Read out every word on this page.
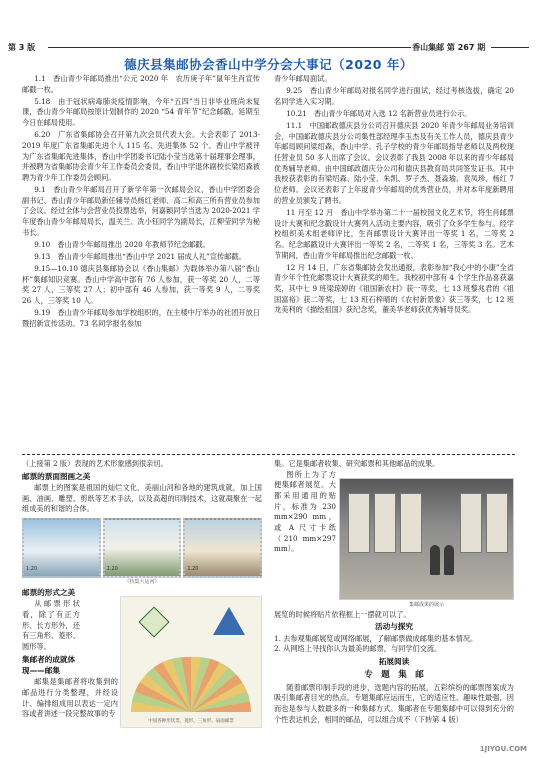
第 3 版	香山集邮 第 267 期
德庆县集邮协会香山中学分会大事记（2020 年）

1.1　香山青少年邮局推出“公元 2020 年　农历庚子年”鼠年生肖宣传邮戳一枚。

5.18　由于冠状病毒肺炎疫情影响，今年“五四”当日非毕业班尚未复课，香山青少年邮局按原计划制作的 2020 “54 青年节”纪念邮戳，延期至今日在邮局使用。

6.20　广东省集邮协会召开第九次会员代表大会。大会表彰了 2013-2019 年度广东省集邮先进个人 115 名、先进集体 52 个。香山中学被评为广东省集邮先进集体，香山中学团委书记陆小莹当选第十届理事会理事，并被聘为省集邮协会青少年工作委员会委员，香山中学退休副校长梁绍森被聘为青少年工作委员会顾问。

9.1　香山青少年邮局召开了新学年第一次邮局会议，香山中学团委会副书记、香山青少年邮局新任辅导员杨红老师、高二和高三所有营业员参加了会议。经过全体与会营业员投票选举，何嘉颖同学当选为 2020-2021 学年度香山青少年邮局局长，温关兰、冼小钰同学为副局长，江柳莹同学为秘书长。

9.10　香山青少年邮局推出 2020 年教师节纪念邮戳。

9.13　香山青少年邮局推出“香山中学 2021 届成人礼”宣传邮戳。

9.15—10.10 德庆县集邮协会以《香山集邮》为载体举办第八届“香山杯”集邮知识竞赛。香山中学高中部有 76 人参加，获一等奖 20 人，二等奖 27 人，三等奖 27 人；初中部有 46 人参加，获一等奖 9 人，二等奖 26 人，三等奖 10 人。

9.19　香山青少年邮局参加学校组织的，在主楼中厅举办的社团开放日暨招新宣传活动。73 名同学报名参加

青少年邮局面试。

9.25　香山青少年邮局对报名同学进行面试，经过考核选拔，确定 20 名同学进入实习期。

10.21　香山青少年邮局对入选 12 名新营业员进行公示。

11.1　中国邮政德庆县分公司召开德庆县 2020 年青少年邮局业务培训会，中国邮政德庆县分公司集性部经理李玉杰及有关工作人员，德庆县青少年邮局顾问梁绍森，香山中学、孔子学校的青少年邮局指导老师以及两校现任营业员 50 多人出席了会议。会议表彰了我县 2008 年以来的青少年邮局优秀辅导老师。由中国邮政德庆分公司和德庆县教育局共同签发证书。其中我校获表彰的有梁绍森、陆小莹、朱凯、罗子杰、聂淼瑜、袁凤珍、杨红 7 位老师。会议还表彰了上年度青少年邮局的优秀营业员，并对本年度新聘用的营业员颁发了聘书。

11 月至 12 月　香山中学举办第二十一届校园文化艺术节，将生肖邮票设计大赛和纪念戳设计大赛列入活动主要内容，吸引了众多学生参与。经学校组织美术组老师评比，生肖邮票设计大赛评出一等奖 1 名，二等奖 2 名。纪念邮戳设计大赛评出一等奖 2 名，二等奖 1 名，三等奖 3 名。艺术节期间，香山青少年邮局推出纪念邮戳一枚。

12 月 14 日，广东省集邮协会发出通报，表彰参加“我心中的小康”全省青少年个性化邮票设计大赛获奖的师生。我校初中部有 4 个学生作品喜获嘉奖，其中七 9 班梁琼婷的《祖国新农村》获一等奖，七 13 班黎兆君的《祖国富裕》获二等奖，七 13 班石梓晴的《农村新景象》获三等奖，七 12 班龙美利的《描绘祖国》获纪念奖，董美华老师获优秀辅导员奖。

（上接第 2 版）表现的艺术形象感到很亲切。
邮票的票面图画之美
邮票上的图案是祖国的灿烂文化、美丽山河和各地的建筑成就，加上国画、油画、雕塑、剪纸等艺术手法，以及高超的印制技术，这就凝聚在一起组成美的和谐的合体。
1.20	1.20	1.20
《杭集大运河》
邮票的形式之美
从邮票形状看，除了有正方形、长方形外，还有三角形、菱形、圆形等。
集邮者的成就体现——邮集
邮集是集邮者将收集到的邮品进行分类整理，并经设计、编排组成用以表达一定内容或者讲述一段完整故事的专
中国各种形状票、菱形、三角形、扇面邮票
集。它是集邮者收集、研究邮票和其他邮品的成果。
图所上为了方便集邮者展览。大都采用通用的贴片，标准为 230 mm×290 mm，或 A 尺寸卡纸（210 mm×297 mm）。
集邮成果的展示
展览的时候将贴片依程框上一摆就可以了。
活动与探究
1. 去参观集邮展览或网络邮展，了解邮票做成邮集的基本情况。
2. 从网络上寻找你认为最美的邮票，与同学们交流。
拓展阅读
专　题　集　邮
随着邮票印制手段的进步，选题内容的拓展，五彩缤纷的邮票图案成为吸引集邮者目光的热点。专题集邮应运而生，它的适应性、趣味性最强，因而也是参与人数最多的一种集邮方式。集邮者在专题集邮中可以得到充分的个性表达机会，相同的邮品，可以组合成不（下转第 4 版）
1JIYOU.COM
